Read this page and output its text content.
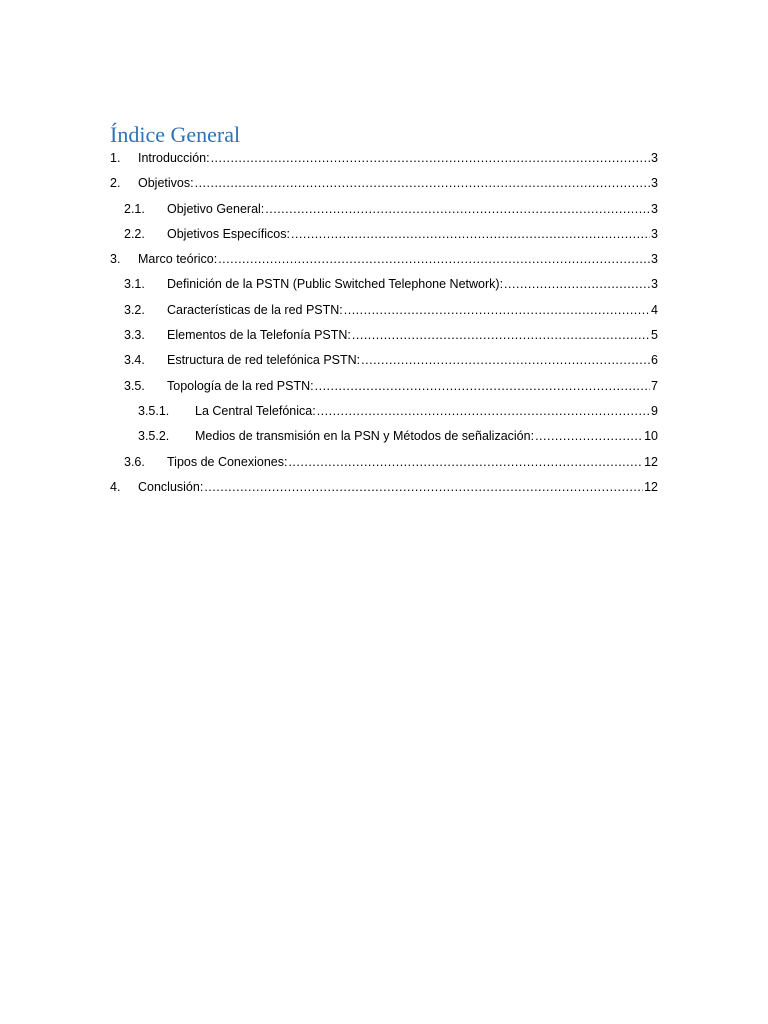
Índice General
1.	Introducción: .....	3
2.	Objetivos: .....	3
2.1.	Objetivo General: .....	3
2.2.	Objetivos Específicos: .....	3
3.	Marco teórico: .....	3
3.1.	Definición de la PSTN (Public Switched Telephone Network): .....	3
3.2.	Características de la red PSTN: .....	4
3.3.	Elementos de la Telefonía PSTN: .....	5
3.4.	Estructura de red telefónica PSTN: .....	6
3.5.	Topología de la red PSTN: .....	7
3.5.1.	La Central Telefónica: .....	9
3.5.2.	Medios de transmisión en la PSN y Métodos de señalización: .....	10
3.6.	Tipos de Conexiones: .....	12
4.	Conclusión: .....	12
